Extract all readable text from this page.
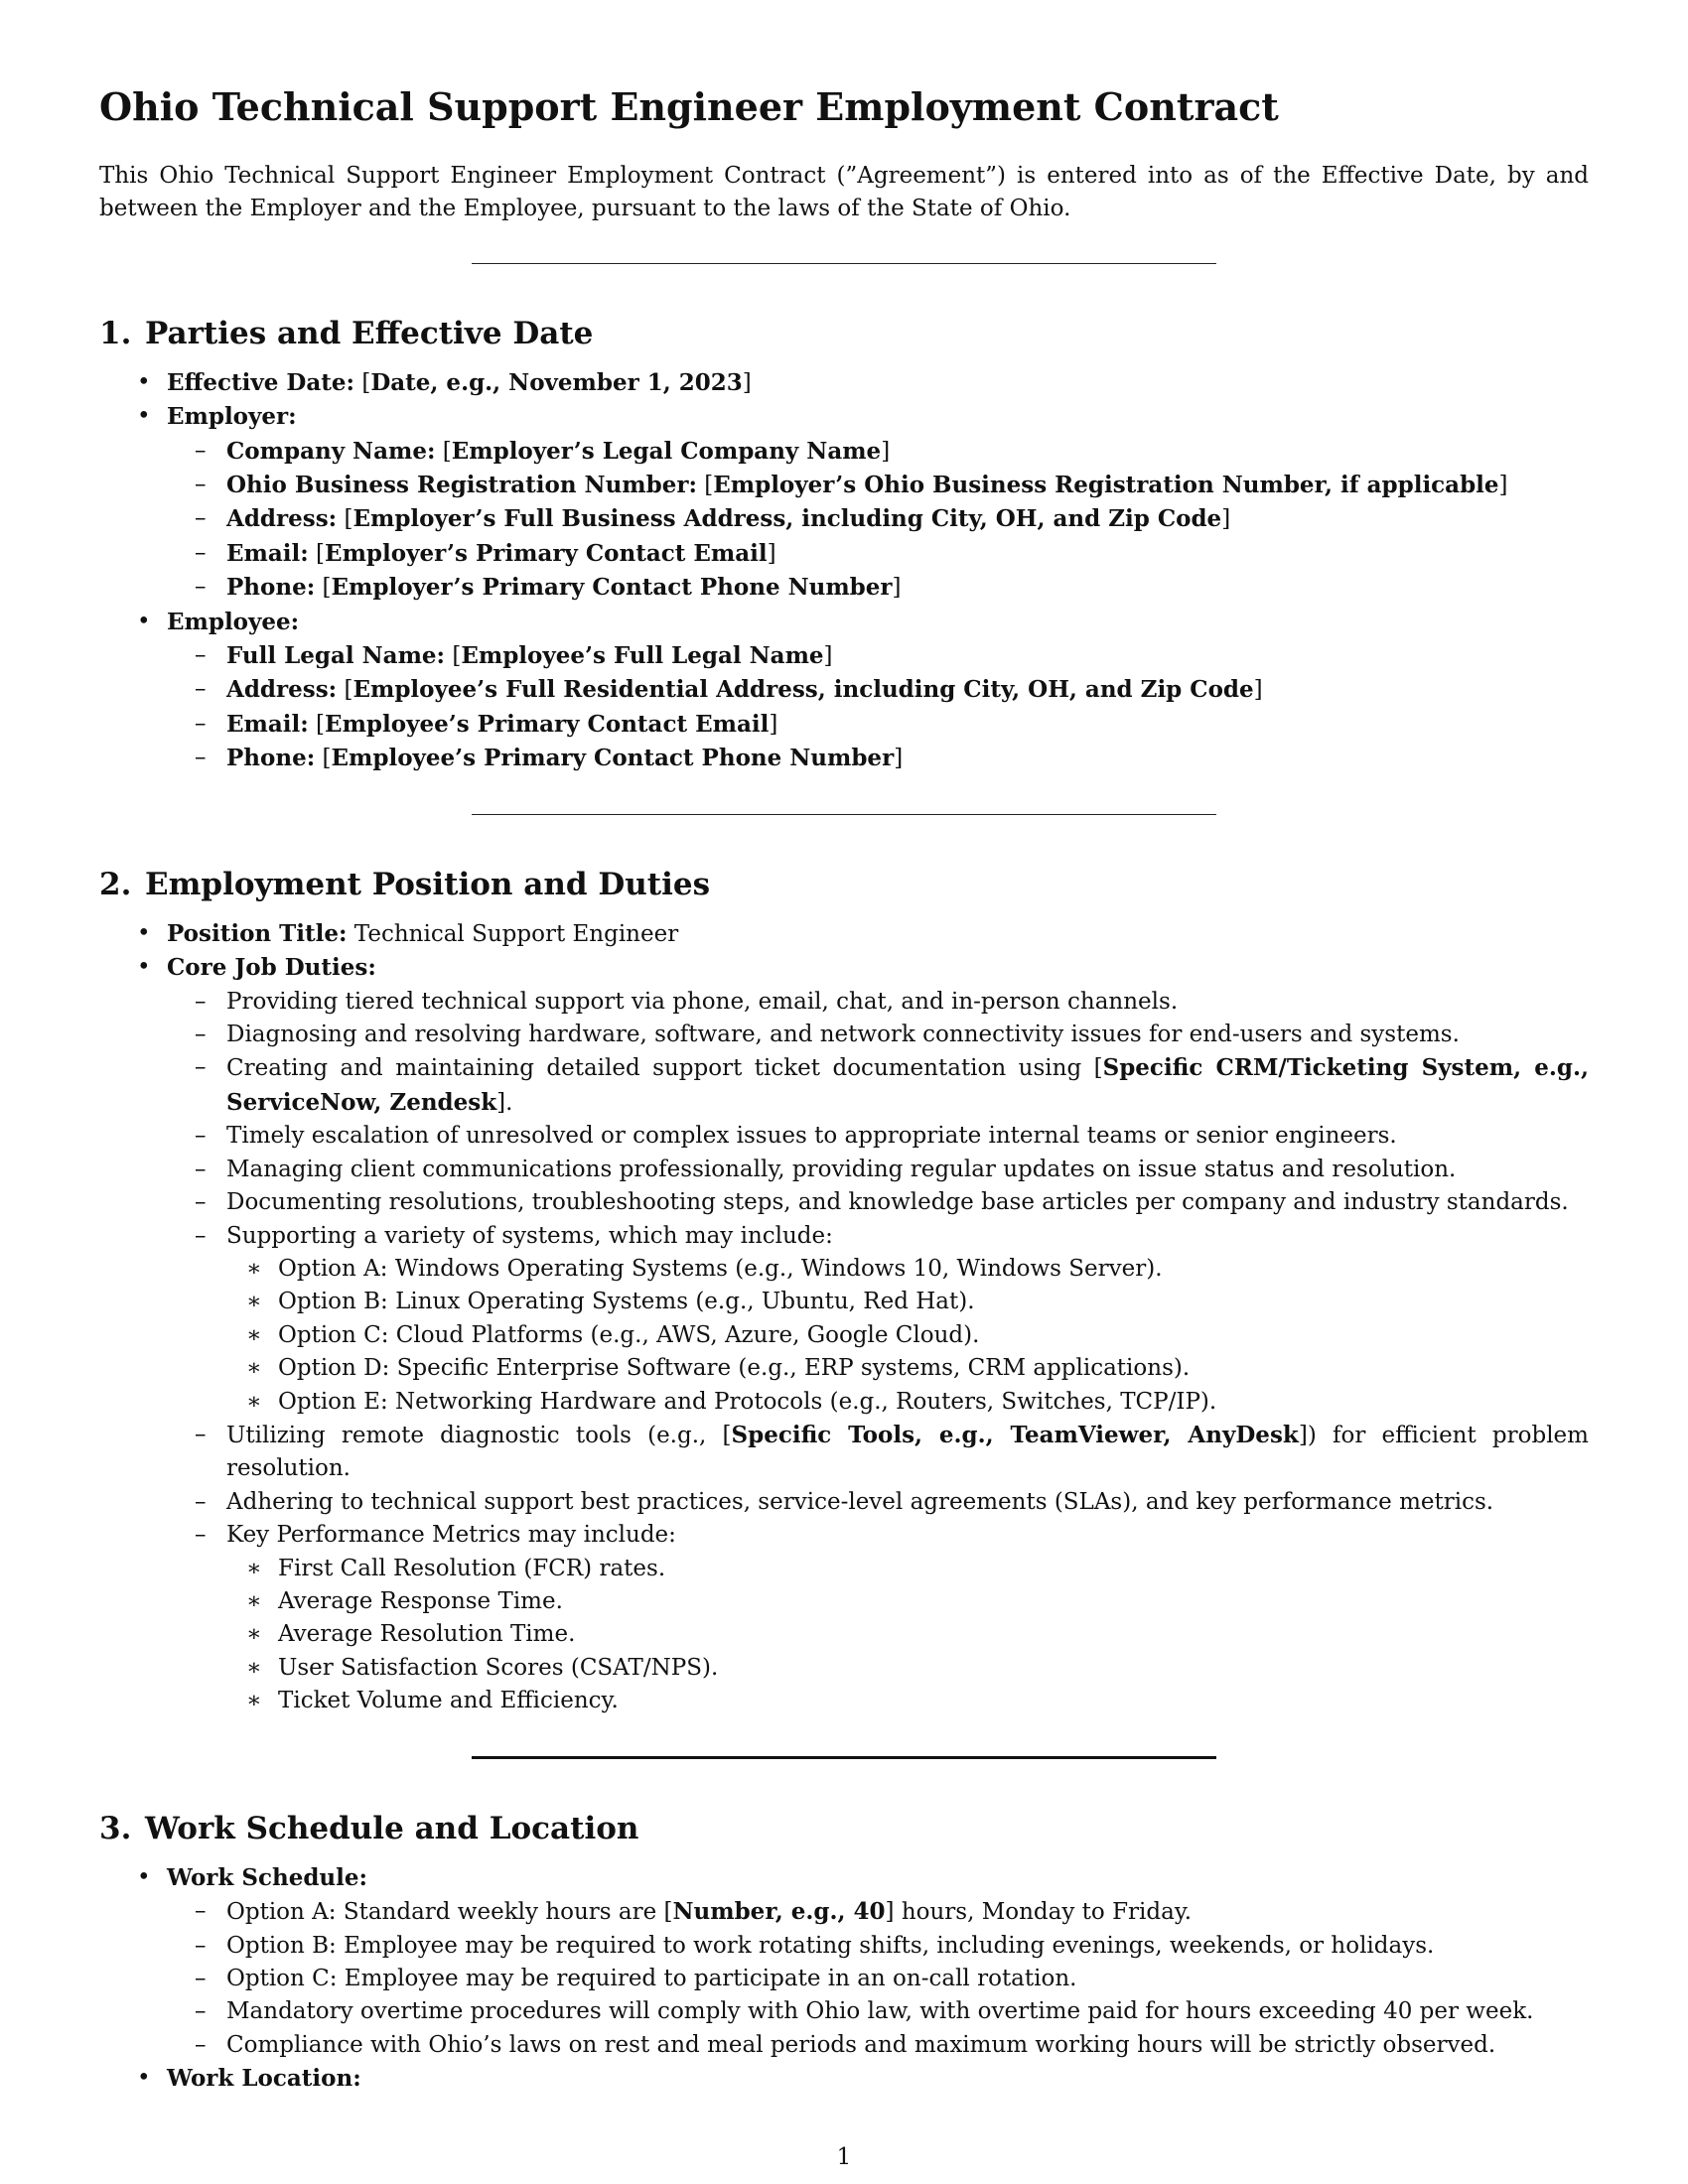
Ohio Technical Support Engineer Employment Contract

This Ohio Technical Support Engineer Employment Contract (”Agreement”) is entered into as of the Effective Date, by and between the Employer and the Employee, pursuant to the laws of the State of Ohio.

1. Parties and Effective Date
• Effective Date: [Date, e.g., November 1, 2023]
• Employer:
– Company Name: [Employer’s Legal Company Name]
– Ohio Business Registration Number: [Employer’s Ohio Business Registration Number, if applicable]
– Address: [Employer’s Full Business Address, including City, OH, and Zip Code]
– Email: [Employer’s Primary Contact Email]
– Phone: [Employer’s Primary Contact Phone Number]
• Employee:
– Full Legal Name: [Employee’s Full Legal Name]
– Address: [Employee’s Full Residential Address, including City, OH, and Zip Code]
– Email: [Employee’s Primary Contact Email]
– Phone: [Employee’s Primary Contact Phone Number]
2. Employment Position and Duties
• Position Title: Technical Support Engineer
• Core Job Duties:
– Providing tiered technical support via phone, email, chat, and in-person channels.
– Diagnosing and resolving hardware, software, and network connectivity issues for end-users and systems.
– Creating and maintaining detailed support ticket documentation using [Specific CRM/Ticketing System, e.g., ServiceNow, Zendesk].
– Timely escalation of unresolved or complex issues to appropriate internal teams or senior engineers.
– Managing client communications professionally, providing regular updates on issue status and resolution.
– Documenting resolutions, troubleshooting steps, and knowledge base articles per company and industry standards.
– Supporting a variety of systems, which may include:
∗ Option A: Windows Operating Systems (e.g., Windows 10, Windows Server).
∗ Option B: Linux Operating Systems (e.g., Ubuntu, Red Hat).
∗ Option C: Cloud Platforms (e.g., AWS, Azure, Google Cloud).
∗ Option D: Specific Enterprise Software (e.g., ERP systems, CRM applications).
∗ Option E: Networking Hardware and Protocols (e.g., Routers, Switches, TCP/IP).
– Utilizing remote diagnostic tools (e.g., [Specific Tools, e.g., TeamViewer, AnyDesk]) for efficient problem resolution.
– Adhering to technical support best practices, service-level agreements (SLAs), and key performance metrics.
– Key Performance Metrics may include:
∗ First Call Resolution (FCR) rates.
∗ Average Response Time.
∗ Average Resolution Time.
∗ User Satisfaction Scores (CSAT/NPS).
∗ Ticket Volume and Efficiency.
3. Work Schedule and Location
• Work Schedule:
– Option A: Standard weekly hours are [Number, e.g., 40] hours, Monday to Friday.
– Option B: Employee may be required to work rotating shifts, including evenings, weekends, or holidays.
– Option C: Employee may be required to participate in an on-call rotation.
– Mandatory overtime procedures will comply with Ohio law, with overtime paid for hours exceeding 40 per week.
– Compliance with Ohio’s laws on rest and meal periods and maximum working hours will be strictly observed.
• Work Location:
1
